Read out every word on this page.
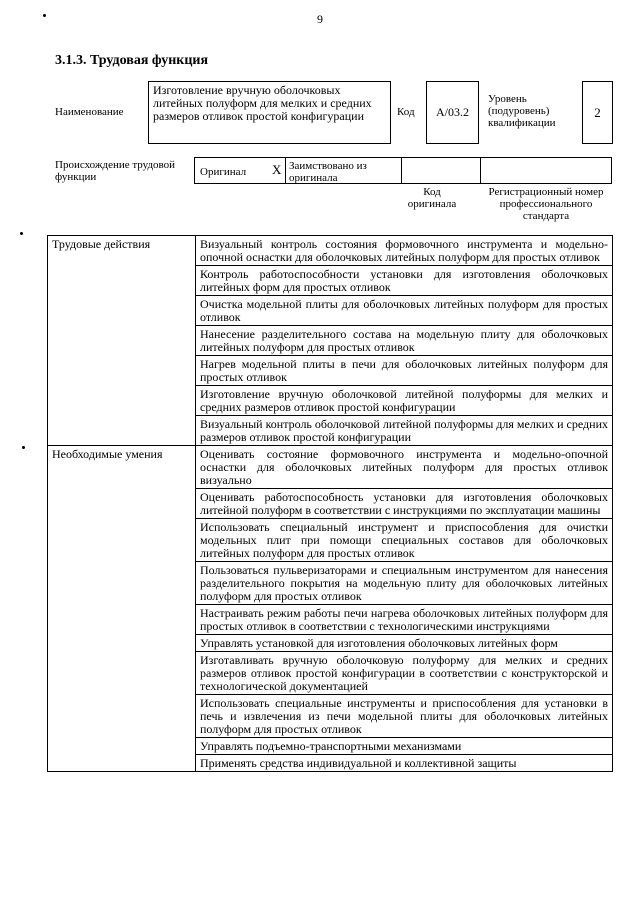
9
3.1.3. Трудовая функция
Наименование
Изготовление вручную оболочковых литейных полуформ для мелких и средних размеров отливок простой конфигурации	Код	А/03.2
Уровень (подуровень) квалификации
2
Происхождение трудовой функции	Оригинал X Заимствовано из оригинала
Код оригинала
Регистрационный номер профессионального стандарта
Трудовые действия	Визуальный контроль состояния формовочного инструмента и модельно-опочной оснастки для оболочковых литейных полуформ для простых отливок
	Контроль работоспособности установки для изготовления оболочковых литейных форм для простых отливок
	Очистка модельной плиты для оболочковых литейных полуформ для простых отливок
	Нанесение разделительного состава на модельную плиту для оболочковых литейных полуформ для простых отливок
	Нагрев модельной плиты в печи для оболочковых литейных полуформ для простых отливок
	Изготовление вручную оболочковой литейной полуформы для мелких и средних размеров отливок простой конфигурации
	Визуальный контроль оболочковой литейной полуформы для мелких и средних размеров отливок простой конфигурации
Необходимые умения	Оценивать состояние формовочного инструмента и модельно-опочной оснастки для оболочковых литейных полуформ для простых отливок визуально
	Оценивать работоспособность установки для изготовления оболочковых литейной полуформ в соответствии с инструкциями по эксплуатации машины
	Использовать специальный инструмент и приспособления для очистки модельных плит при помощи специальных составов для оболочковых литейных полуформ для простых отливок
	Пользоваться пульверизаторами и специальным инструментом для нанесения разделительного покрытия на модельную плиту для оболочковых литейных полуформ для простых отливок
	Настраивать режим работы печи нагрева оболочковых литейных полуформ для простых отливок в соответствии с технологическими инструкциями
	Управлять установкой для изготовления оболочковых литейных форм
	Изготавливать вручную оболочковую полуформу для мелких и средних размеров отливок простой конфигурации в соответствии с конструкторской и технологической документацией
	Использовать специальные инструменты и приспособления для установки в печь и извлечения из печи модельной плиты для оболочковых литейных полуформ для простых отливок
	Управлять подъемно-транспортными механизмами
	Применять средства индивидуальной и коллективной защиты
